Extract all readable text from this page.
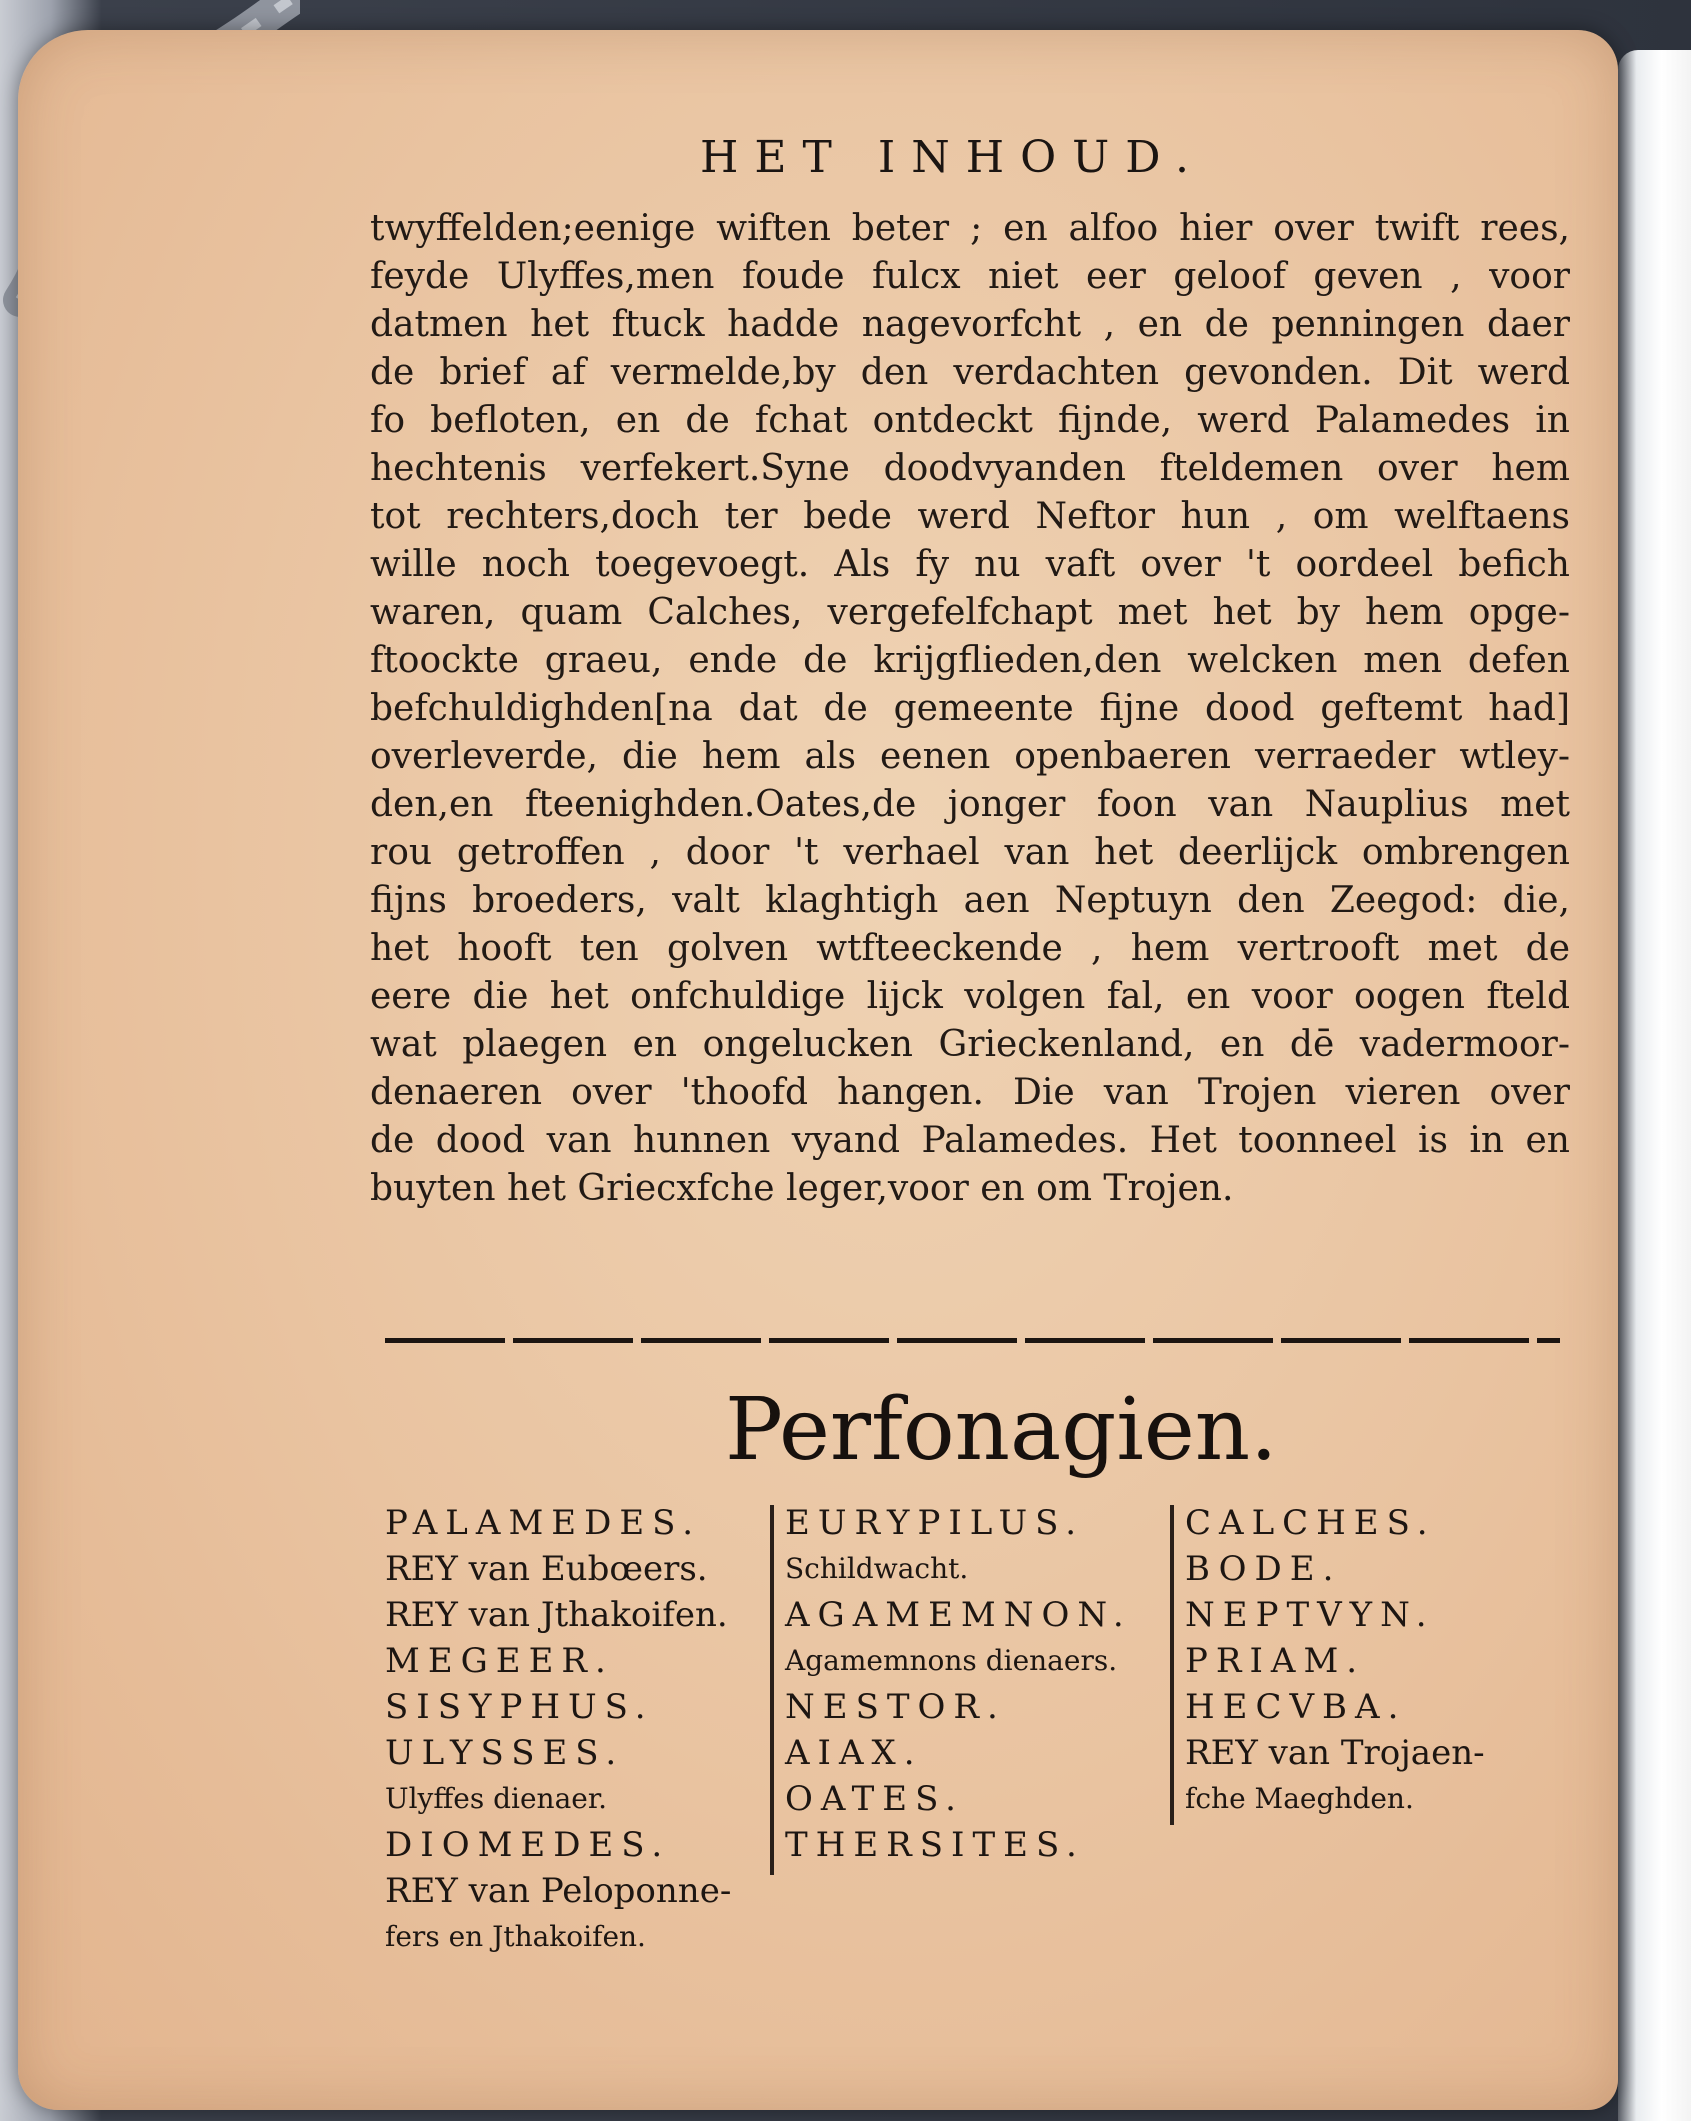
HET INHOUD.
twyffelden;eenige wiften beter ; en alfoo hier over twift rees,
feyde Ulyffes,men foude fulcx niet eer geloof geven , voor
datmen het ftuck hadde nagevorfcht , en de penningen daer
de brief af vermelde,by den verdachten gevonden. Dit werd
fo befloten, en de fchat ontdeckt fijnde, werd Palamedes in
hechtenis verfekert.Syne doodvyanden fteldemen over hem
tot rechters,doch ter bede werd Neftor hun , om welftaens
wille noch toegevoegt. Als fy nu vaft over 't oordeel befich
waren, quam Calches, vergefelfchapt met het by hem opge-
ftoockte graeu, ende de krijgflieden,den welcken men defen
befchuldighden[na dat de gemeente fijne dood geftemt had]
overleverde, die hem als eenen openbaeren verraeder wtley-
den,en fteenighden.Oates,de jonger foon van Nauplius met
rou getroffen , door 't verhael van het deerlijck ombrengen
fijns broeders, valt klaghtigh aen Neptuyn den Zeegod: die,
het hooft ten golven wtfteeckende , hem vertrooft met de
eere die het onfchuldige lijck volgen fal, en voor oogen fteld
wat plaegen en ongelucken Grieckenland, en dē vadermoor-
denaeren over 'thoofd hangen. Die van Trojen vieren over
de dood van hunnen vyand Palamedes. Het toonneel is in en
buyten het Griecxfche leger,voor en om Trojen.
Perfonagien.
PALAMEDES.
REY van Eubœers.
REY van Jthakoifen.
MEGEER.
SISYPHUS.
ULYSSES.
Ulyffes dienaer.
DIOMEDES.
REY van Peloponne-
fers en Jthakoifen.
EURYPILUS.
Schildwacht.
AGAMEMNON.
Agamemnons dienaers.
NESTOR.
AIAX.
OATES.
THERSITES.
CALCHES.
BODE.
NEPTVYN.
PRIAM.
HECVBA.
REY van Trojaen-
fche Maeghden.
